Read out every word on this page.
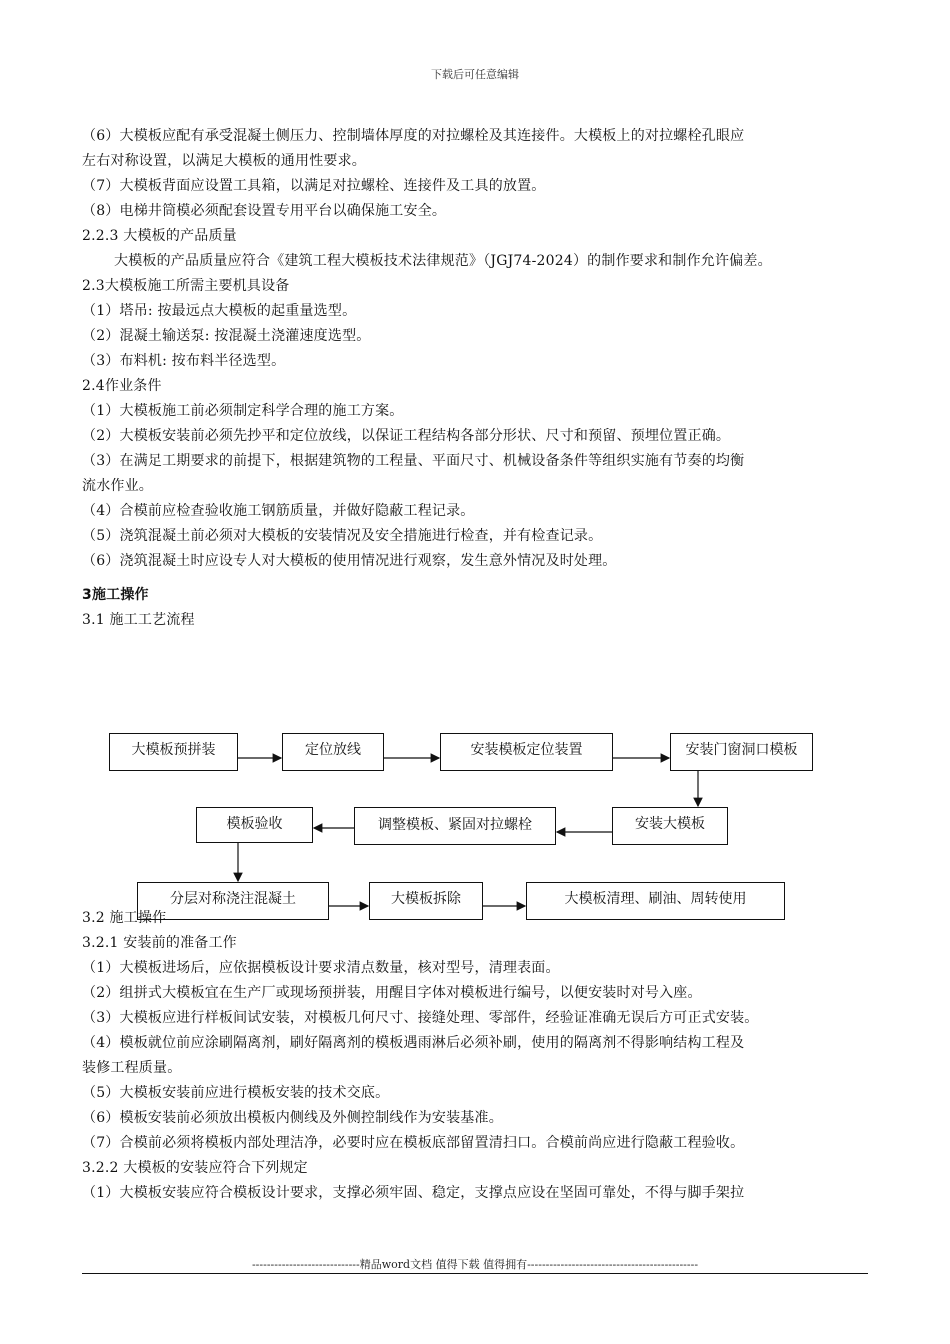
下载后可任意编辑
（6）大模板应配有承受混凝土侧压力、控制墙体厚度的对拉螺栓及其连接件。大模板上的对拉螺栓孔眼应
左右对称设置，以满足大模板的通用性要求。
（7）大模板背面应设置工具箱，以满足对拉螺栓、连接件及工具的放置。
（8）电梯井筒模必须配套设置专用平台以确保施工安全。
2.2.3 大模板的产品质量
大模板的产品质量应符合《建筑工程大模板技术法律规范》（JGJ74-2024）的制作要求和制作允许偏差。
2.3大模板施工所需主要机具设备
（1）塔吊: 按最远点大模板的起重量选型。
（2）混凝土输送泵: 按混凝土浇灌速度选型。
（3）布料机: 按布料半径选型。
2.4作业条件
（1）大模板施工前必须制定科学合理的施工方案。
（2）大模板安装前必须先抄平和定位放线，以保证工程结构各部分形状、尺寸和预留、预埋位置正确。
（3）在满足工期要求的前提下，根据建筑物的工程量、平面尺寸、机械设备条件等组织实施有节奏的均衡
流水作业。
（4）合模前应检查验收施工钢筋质量，并做好隐蔽工程记录。
（5）浇筑混凝土前必须对大模板的安装情况及安全措施进行检查，并有检查记录。
（6）浇筑混凝土时应设专人对大模板的使用情况进行观察，发生意外情况及时处理。
3施工操作
3.1 施工工艺流程
大模板预拼装	定位放线	安装模板定位装置	安装门窗洞口模板
安装大模板
调整模板、紧固对拉螺栓
模板验收
分层对称浇注混凝土	大模板拆除	大模板清理、刷油、周转使用
3.2 施工操作
3.2.1 安装前的准备工作
（1）大模板进场后，应依据模板设计要求清点数量，核对型号，清理表面。
（2）组拼式大模板宜在生产厂或现场预拼装，用醒目字体对模板进行编号，以便安装时对号入座。
（3）大模板应进行样板间试安装，对模板几何尺寸、接缝处理、零部件，经验证准确无误后方可正式安装。
（4）模板就位前应涂刷隔离剂，刷好隔离剂的模板遇雨淋后必须补刷，使用的隔离剂不得影响结构工程及
装修工程质量。
（5）大模板安装前应进行模板安装的技术交底。
（6）模板安装前必须放出模板内侧线及外侧控制线作为安装基准。
（7）合模前必须将模板内部处理洁净，必要时应在模板底部留置清扫口。合模前尚应进行隐蔽工程验收。
3.2.2 大模板的安装应符合下列规定
（1）大模板安装应符合模板设计要求，支撑必须牢固、稳定，支撑点应设在坚固可靠处，不得与脚手架拉
-----------------------------精品word文档 值得下载 值得拥有----------------------------------------------
